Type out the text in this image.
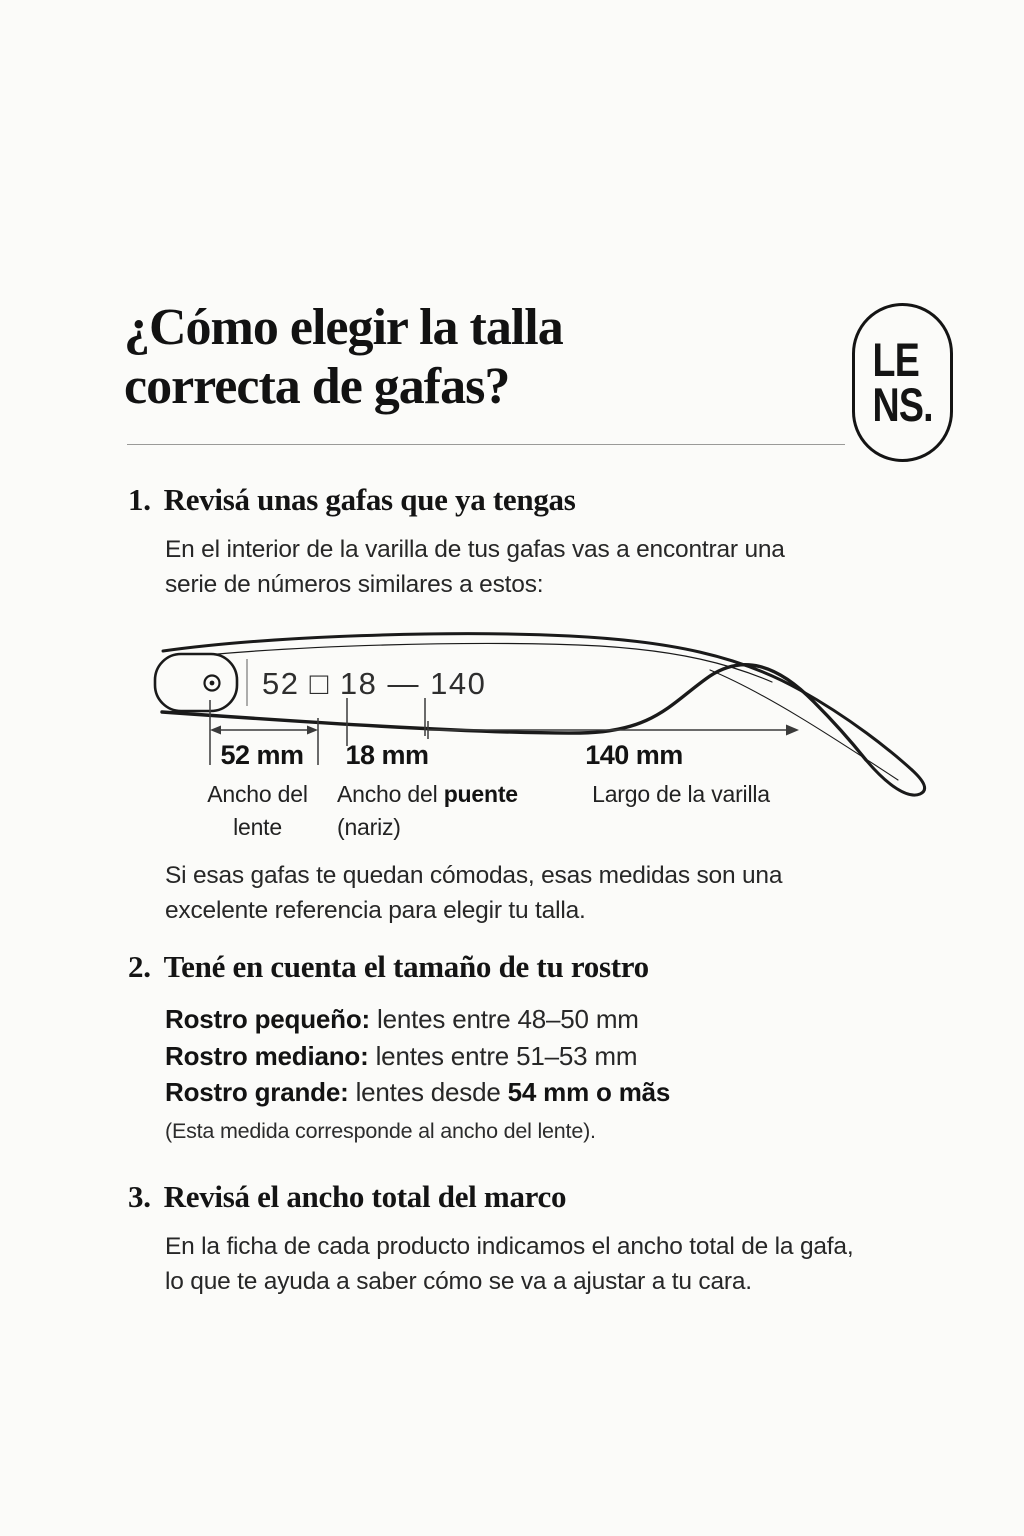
¿Cómo elegir la talla
correcta de gafas?	LE
NS.
1. Revisá unas gafas que ya tengas
En el interior de la varilla de tus gafas vas a encontrar una
serie de números similares a estos:
52 □ 18 — 140
52 mm	18 mm	140 mm
Ancho del
lente
Ancho del puente
(nariz)
Largo de la varilla
Si esas gafas te quedan cómodas, esas medidas son una
excelente referencia para elegir tu talla.
2. Tené en cuenta el tamaño de tu rostro
Rostro pequeño: lentes entre 48–50 mm
Rostro mediano: lentes entre 51–53 mm
Rostro grande: lentes desde 54 mm o mãs
(Esta medida corresponde al ancho del lente).
3. Revisá el ancho total del marco
En la ficha de cada producto indicamos el ancho total de la gafa,
lo que te ayuda a saber cómo se va a ajustar a tu cara.
